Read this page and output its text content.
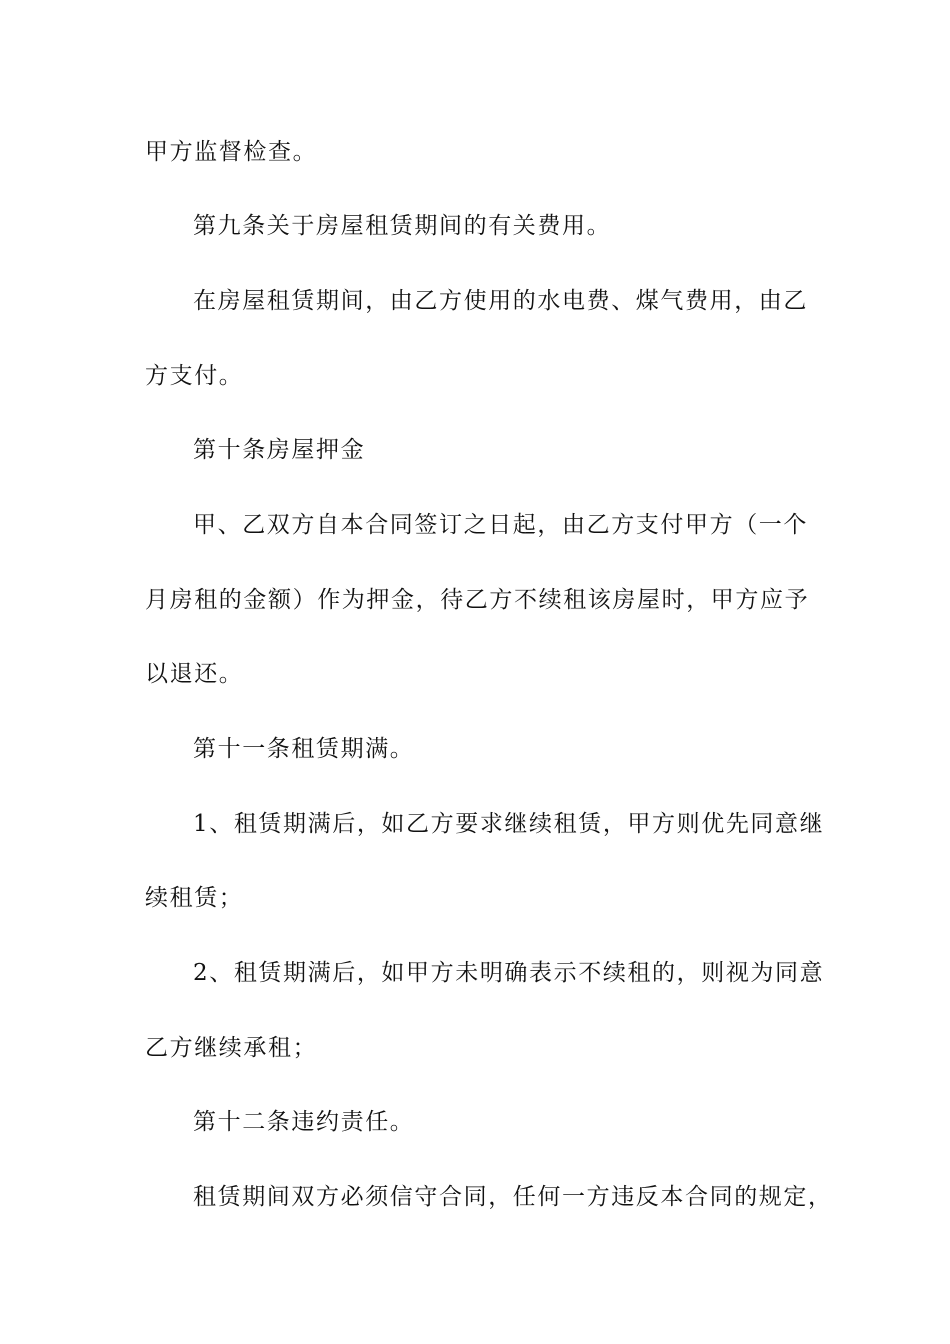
甲方监督检查。
第九条关于房屋租赁期间的有关费用。
在房屋租赁期间，由乙方使用的水电费、煤气费用，由乙
方支付。
第十条房屋押金
甲、乙双方自本合同签订之日起，由乙方支付甲方（一个
月房租的金额）作为押金，待乙方不续租该房屋时，甲方应予
以退还。
第十一条租赁期满。
1、租赁期满后，如乙方要求继续租赁，甲方则优先同意继
续租赁；
2、租赁期满后，如甲方未明确表示不续租的，则视为同意
乙方继续承租；
第十二条违约责任。
租赁期间双方必须信守合同，任何一方违反本合同的规定，
